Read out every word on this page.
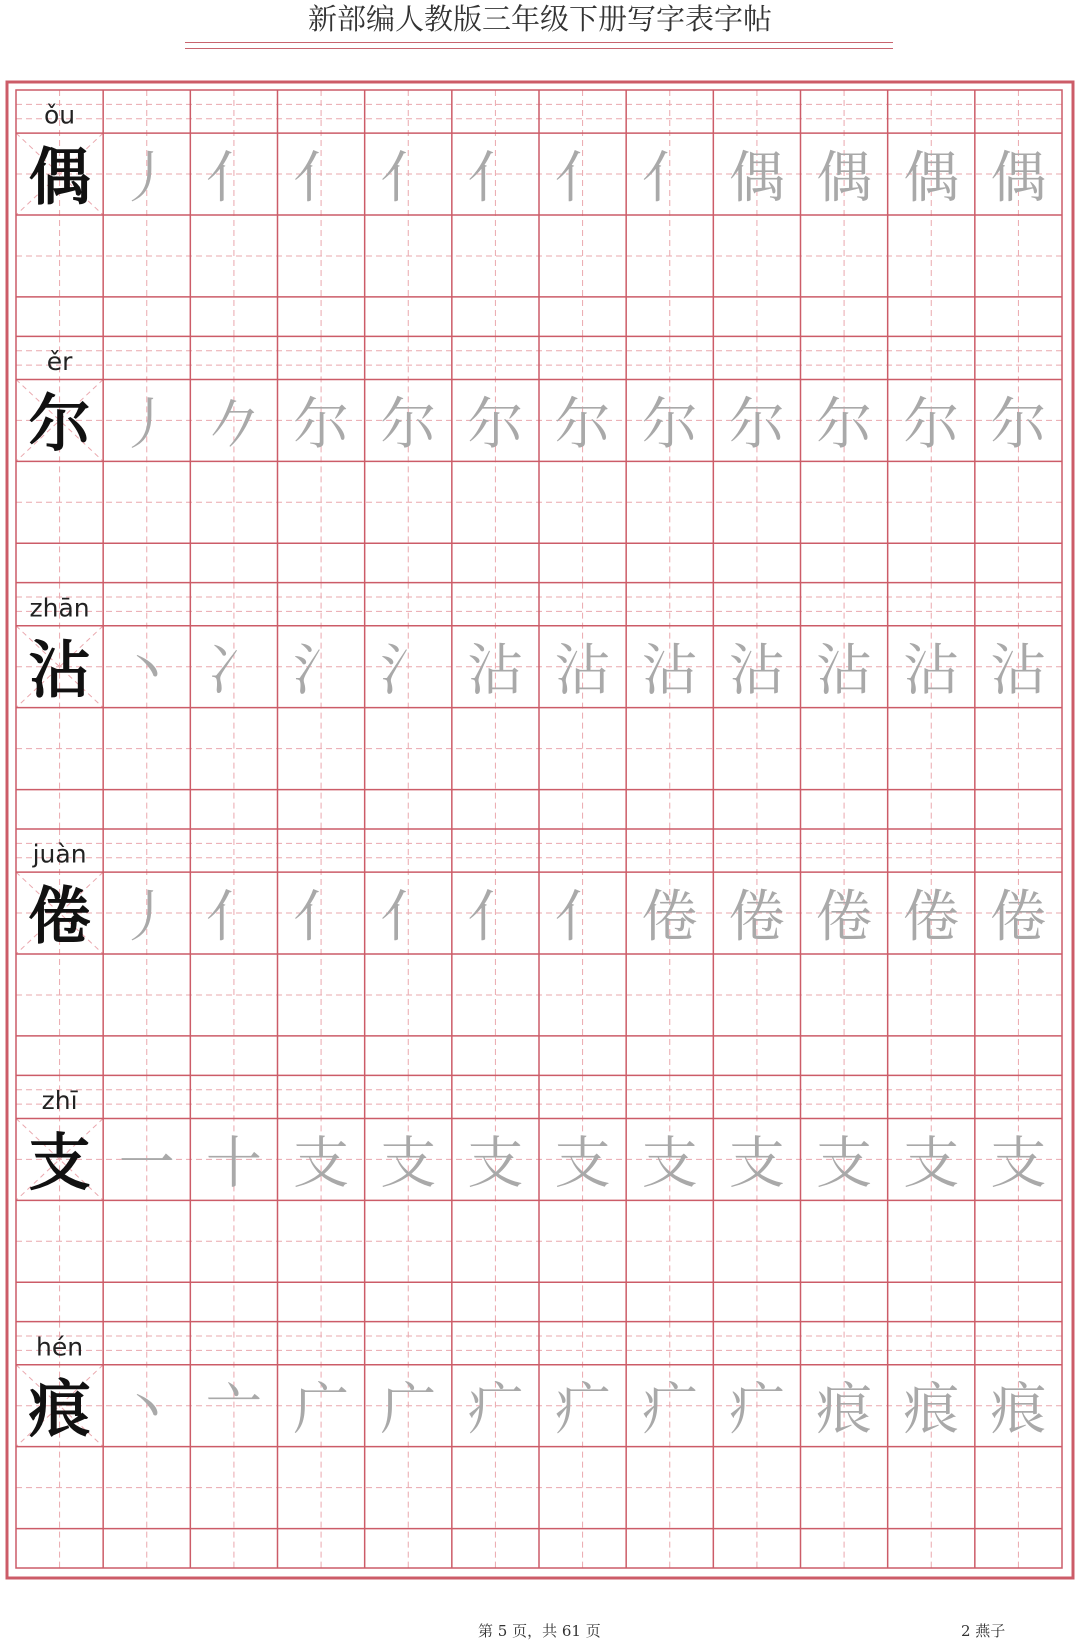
新部编人教版三年级下册写字表字帖
ǒu
偶 丿 亻 亻 亻 亻 亻 亻 偶 偶 偶 偶
ěr
尔 丿 𠂊 尔 尔 尔 尔 尔 尔 尔 尔 尔
zhān
沾 丶 冫 氵 氵 沾 沾 沾 沾 沾 沾 沾
juàn
倦 丿 亻 亻 亻 亻 亻 倦 倦 倦 倦 倦
zhī
支 一 十 支 支 支 支 支 支 支 支 支
hén
痕 丶 亠 广 广 疒 疒 疒 疒 痕 痕 痕
第 5 页，共 61 页	2 燕子
